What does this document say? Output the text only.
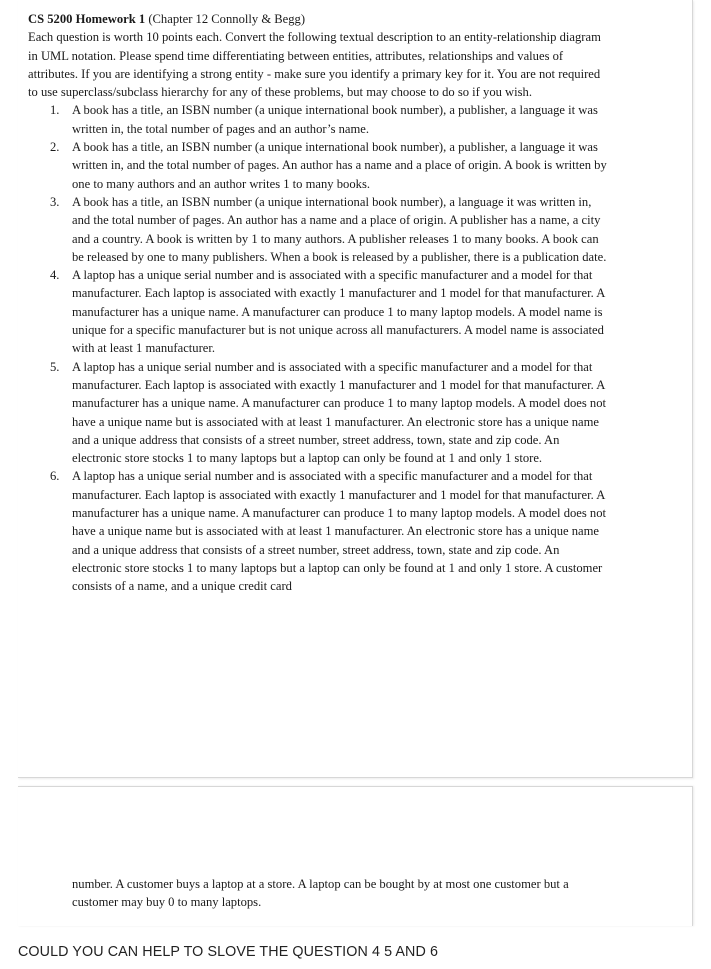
CS 5200 Homework 1 (Chapter 12 Connolly & Begg)

Each question is worth 10 points each. Convert the following textual description to an entity-relationship diagram in UML notation. Please spend time differentiating between entities, attributes, relationships and values of attributes. If you are identifying a strong entity - make sure you identify a primary key for it. You are not required to use superclass/subclass hierarchy for any of these problems, but may choose to do so if you wish.

1. A book has a title, an ISBN number (a unique international book number), a publisher, a language it was written in, the total number of pages and an author’s name.
2. A book has a title, an ISBN number (a unique international book number), a publisher, a language it was written in, and the total number of pages. An author has a name and a place of origin. A book is written by one to many authors and an author writes 1 to many books.
3. A book has a title, an ISBN number (a unique international book number), a language it was written in, and the total number of pages. An author has a name and a place of origin. A publisher has a name, a city and a country. A book is written by 1 to many authors. A publisher releases 1 to many books. A book can be released by one to many publishers. When a book is released by a publisher, there is a publication date.
4. A laptop has a unique serial number and is associated with a specific manufacturer and a model for that manufacturer. Each laptop is associated with exactly 1 manufacturer and 1 model for that manufacturer. A manufacturer has a unique name. A manufacturer can produce 1 to many laptop models. A model name is unique for a specific manufacturer but is not unique across all manufacturers. A model name is associated with at least 1 manufacturer.
5. A laptop has a unique serial number and is associated with a specific manufacturer and a model for that manufacturer. Each laptop is associated with exactly 1 manufacturer and 1 model for that manufacturer. A manufacturer has a unique name. A manufacturer can produce 1 to many laptop models. A model does not have a unique name but is associated with at least 1 manufacturer. An electronic store has a unique name and a unique address that consists of a street number, street address, town, state and zip code. An electronic store stocks 1 to many laptops but a laptop can only be found at 1 and only 1 store.
6. A laptop has a unique serial number and is associated with a specific manufacturer and a model for that manufacturer. Each laptop is associated with exactly 1 manufacturer and 1 model for that manufacturer. A manufacturer has a unique name. A manufacturer can produce 1 to many laptop models. A model does not have a unique name but is associated with at least 1 manufacturer. An electronic store has a unique name and a unique address that consists of a street number, street address, town, state and zip code. An electronic store stocks 1 to many laptops but a laptop can only be found at 1 and only 1 store. A customer consists of a name, and a unique credit card
number. A customer buys a laptop at a store. A laptop can be bought by at most one customer but a customer may buy 0 to many laptops.
COULD YOU CAN HELP TO SLOVE THE QUESTION 4 5 AND 6
